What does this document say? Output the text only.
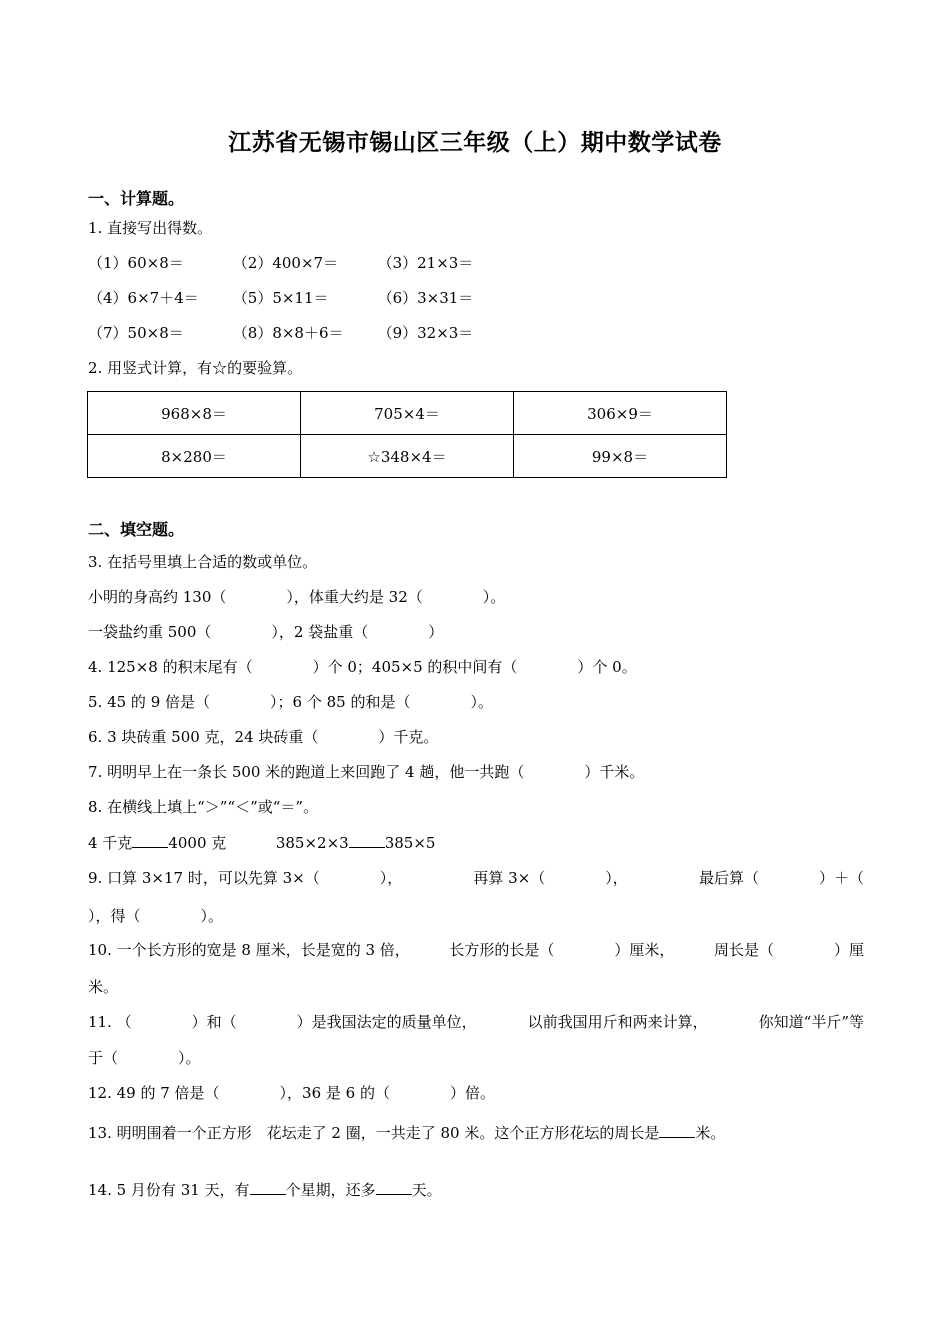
江苏省无锡市锡山区三年级（上）期中数学试卷
一、计算题。
1. 直接写出得数。
（1）60×8＝	（2）400×7＝	（3）21×3＝
（4）6×7＋4＝ （5）5×11＝	（6）3×31＝
（7）50×8＝	（8）8×8＋6＝ （9）32×3＝
2. 用竖式计算，有☆的要验算。
968×8＝	705×4＝	306×9＝
8×280＝	☆348×4＝	99×8＝
二、填空题。
3. 在括号里填上合适的数或单位。
小明的身高约 130（　　　　），体重大约是 32（　　　　）。
一袋盐约重 500（　　　　），2 袋盐重（　　　　）
4. 125×8 的积末尾有（　　　　）个 0；405×5 的积中间有（　　　　）个 0。
5. 45 的 9 倍是（　　　　）；6 个 85 的和是（　　　　）。
6. 3 块砖重 500 克，24 块砖重（　　　　）千克。
7. 明明早上在一条长 500 米的跑道上来回跑了 4 趟，他一共跑（　　　　）千米。
8. 在横线上填上“＞”“＜”或“＝”。
4 千克 4000 克	385×2×3 385×5
9. 口算 3×17 时，可以先算 3×（　　　　），	再算 3×（　　　　），	最后算（　　　　）＋（
），得（　　　　）。
10. 一个长方形的宽是 8 厘米，长是宽的 3 倍，	长方形的长是（　　　　）厘米，	周长是（　　　　）厘
米。
11. （　　　　）和（　　　　）是我国法定的质量单位，	以前我国用斤和两来计算，	你知道“半斤”等
于（　　　　）。
12. 49 的 7 倍是（　　　　），36 是 6 的（　　　　）倍。
13. 明明围着一个正方形　花坛走了 2 圈，一共走了 80 米。这个正方形花坛的周长是 米。
14. 5 月份有 31 天，有 个星期，还多 天。
